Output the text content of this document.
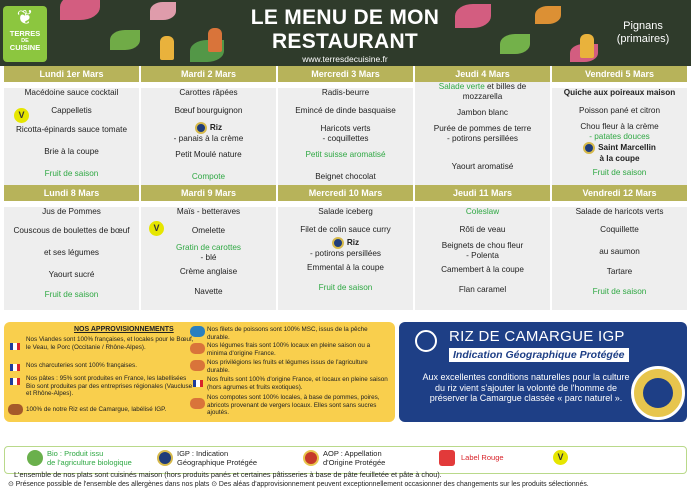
❦
TERRES
DE
CUISINE
LE MENU DE MON
RESTAURANT
www.terresdecuisine.fr
Pignans
(primaires)
Lundi 1er Mars
Macédoine sauce cocktail
V	Cappelletis
Ricotta-épinards sauce tomate
Brie à la coupe
Fruit de saison
Mardi 2 Mars
Carottes râpées
Bœuf bourguignon
Riz
- panais à la crème
Petit Moulé nature
Compote
Mercredi 3 Mars
Radis-beurre
Emincé de dinde basquaise
Haricots verts
- coquillettes
Petit suisse aromatisé
Beignet chocolat
Jeudi 4 Mars
Salade verte et billes de
mozzarella
Jambon blanc
Purée de pommes de terre
- potirons persillées
Yaourt aromatisé
Vendredi 5 Mars
Quiche aux poireaux maison
Poisson pané et citron
Chou fleur à la crème
- patates douces
Saint Marcellin
à la coupe
Fruit de saison
Lundi 8 Mars
Jus de Pommes
Couscous de boulettes de bœuf
et ses légumes
Yaourt sucré
Fruit de saison
Mardi 9 Mars
Maïs - betteraves
V	Omelette
Gratin de carottes
- blé
Crème anglaise
Navette
Mercredi 10 Mars
Salade iceberg
Filet de colin sauce curry
Riz
- potirons persillées
Emmental à la coupe
Fruit de saison
Jeudi 11 Mars
Coleslaw
Rôti de veau
Beignets de chou fleur
- Polenta
Camembert à la coupe
Flan caramel
Vendredi 12 Mars
Salade de haricots verts
Coquillette
au saumon
Tartare
Fruit de saison
NOS APPROVISIONNEMENTS
Nos Viandes sont 100% françaises, et locales pour le Bœuf, le Veau, le Porc (Occitanie / Rhône-Alpes).
Nos charcuteries sont 100% françaises.
Nos pâtes : 95% sont produites en France, les labellisées Bio sont produites par des entreprises régionales (Vaucluse et Rhône-Alpes).
100% de notre Riz est de Camargue, labélisé IGP.
Nos filets de poissons sont 100% MSC, issus de la pêche durable.
Nos légumes frais sont 100% locaux en pleine saison ou a minima d'origine France.
Nos privilégions les fruits et légumes issus de l'agriculture durable.
Nos fruits sont 100% d'origine France, et locaux en pleine saison (hors agrumes et fruits exotiques).
Nos compotes sont 100% locales, à base de pommes, poires, abricots provenant de vergers locaux. Elles sont sans sucres ajoutés.
RIZ DE CAMARGUE IGP
Indication Géographique Protégée
Aux excellentes conditions naturelles pour la culture du riz vient s'ajouter la volonté de l'homme de préserver la Camargue classée « parc naturel ».
Bio : Produit issu
de l'agriculture biologique
IGP : Indication
Géographique Protégée
AOP : Appellation
d'Origine Protégée
Label Rouge	V
L'ensemble de nos plats sont cuisinés maison (hors produits panés et certaines pâtisseries à base de pâte feuilletée et pâte à chou).
⊙ Présence possible de l'ensemble des allergènes dans nos plats ⊙ Des aléas d'approvisionnement peuvent exceptionnellement occasionner des changements sur les produits sélectionnés.
